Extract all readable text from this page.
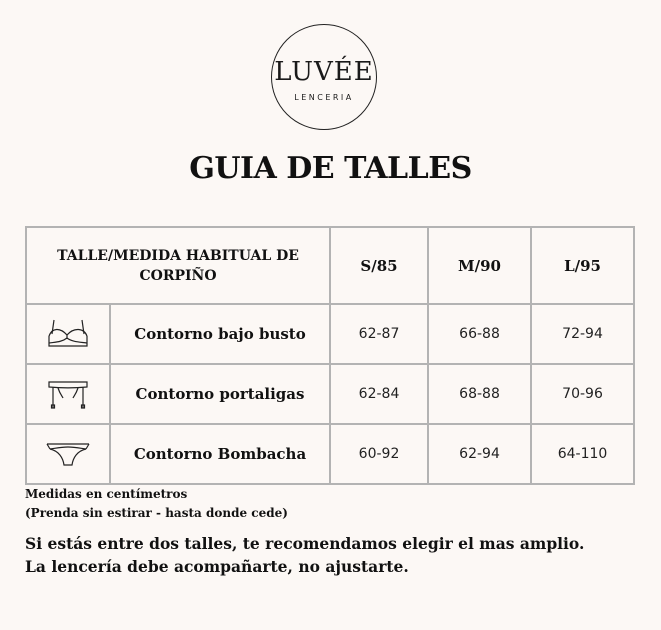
LUVÉE
LENCERIA
GUIA DE TALLES
TALLE/MEDIDA HABITUAL DE CORPIÑO		S/85	M/90	L/95

	Contorno bajo busto	62-87	66-88	72-94

	Contorno portaligas	62-84	68-88	70-96

	Contorno Bombacha	60-92	62-94	64-110
Medidas en centímetros
(Prenda sin estirar - hasta donde cede)
Si estás entre dos talles, te recomendamos elegir el mas amplio.
La lencería debe acompañarte, no ajustarte.
